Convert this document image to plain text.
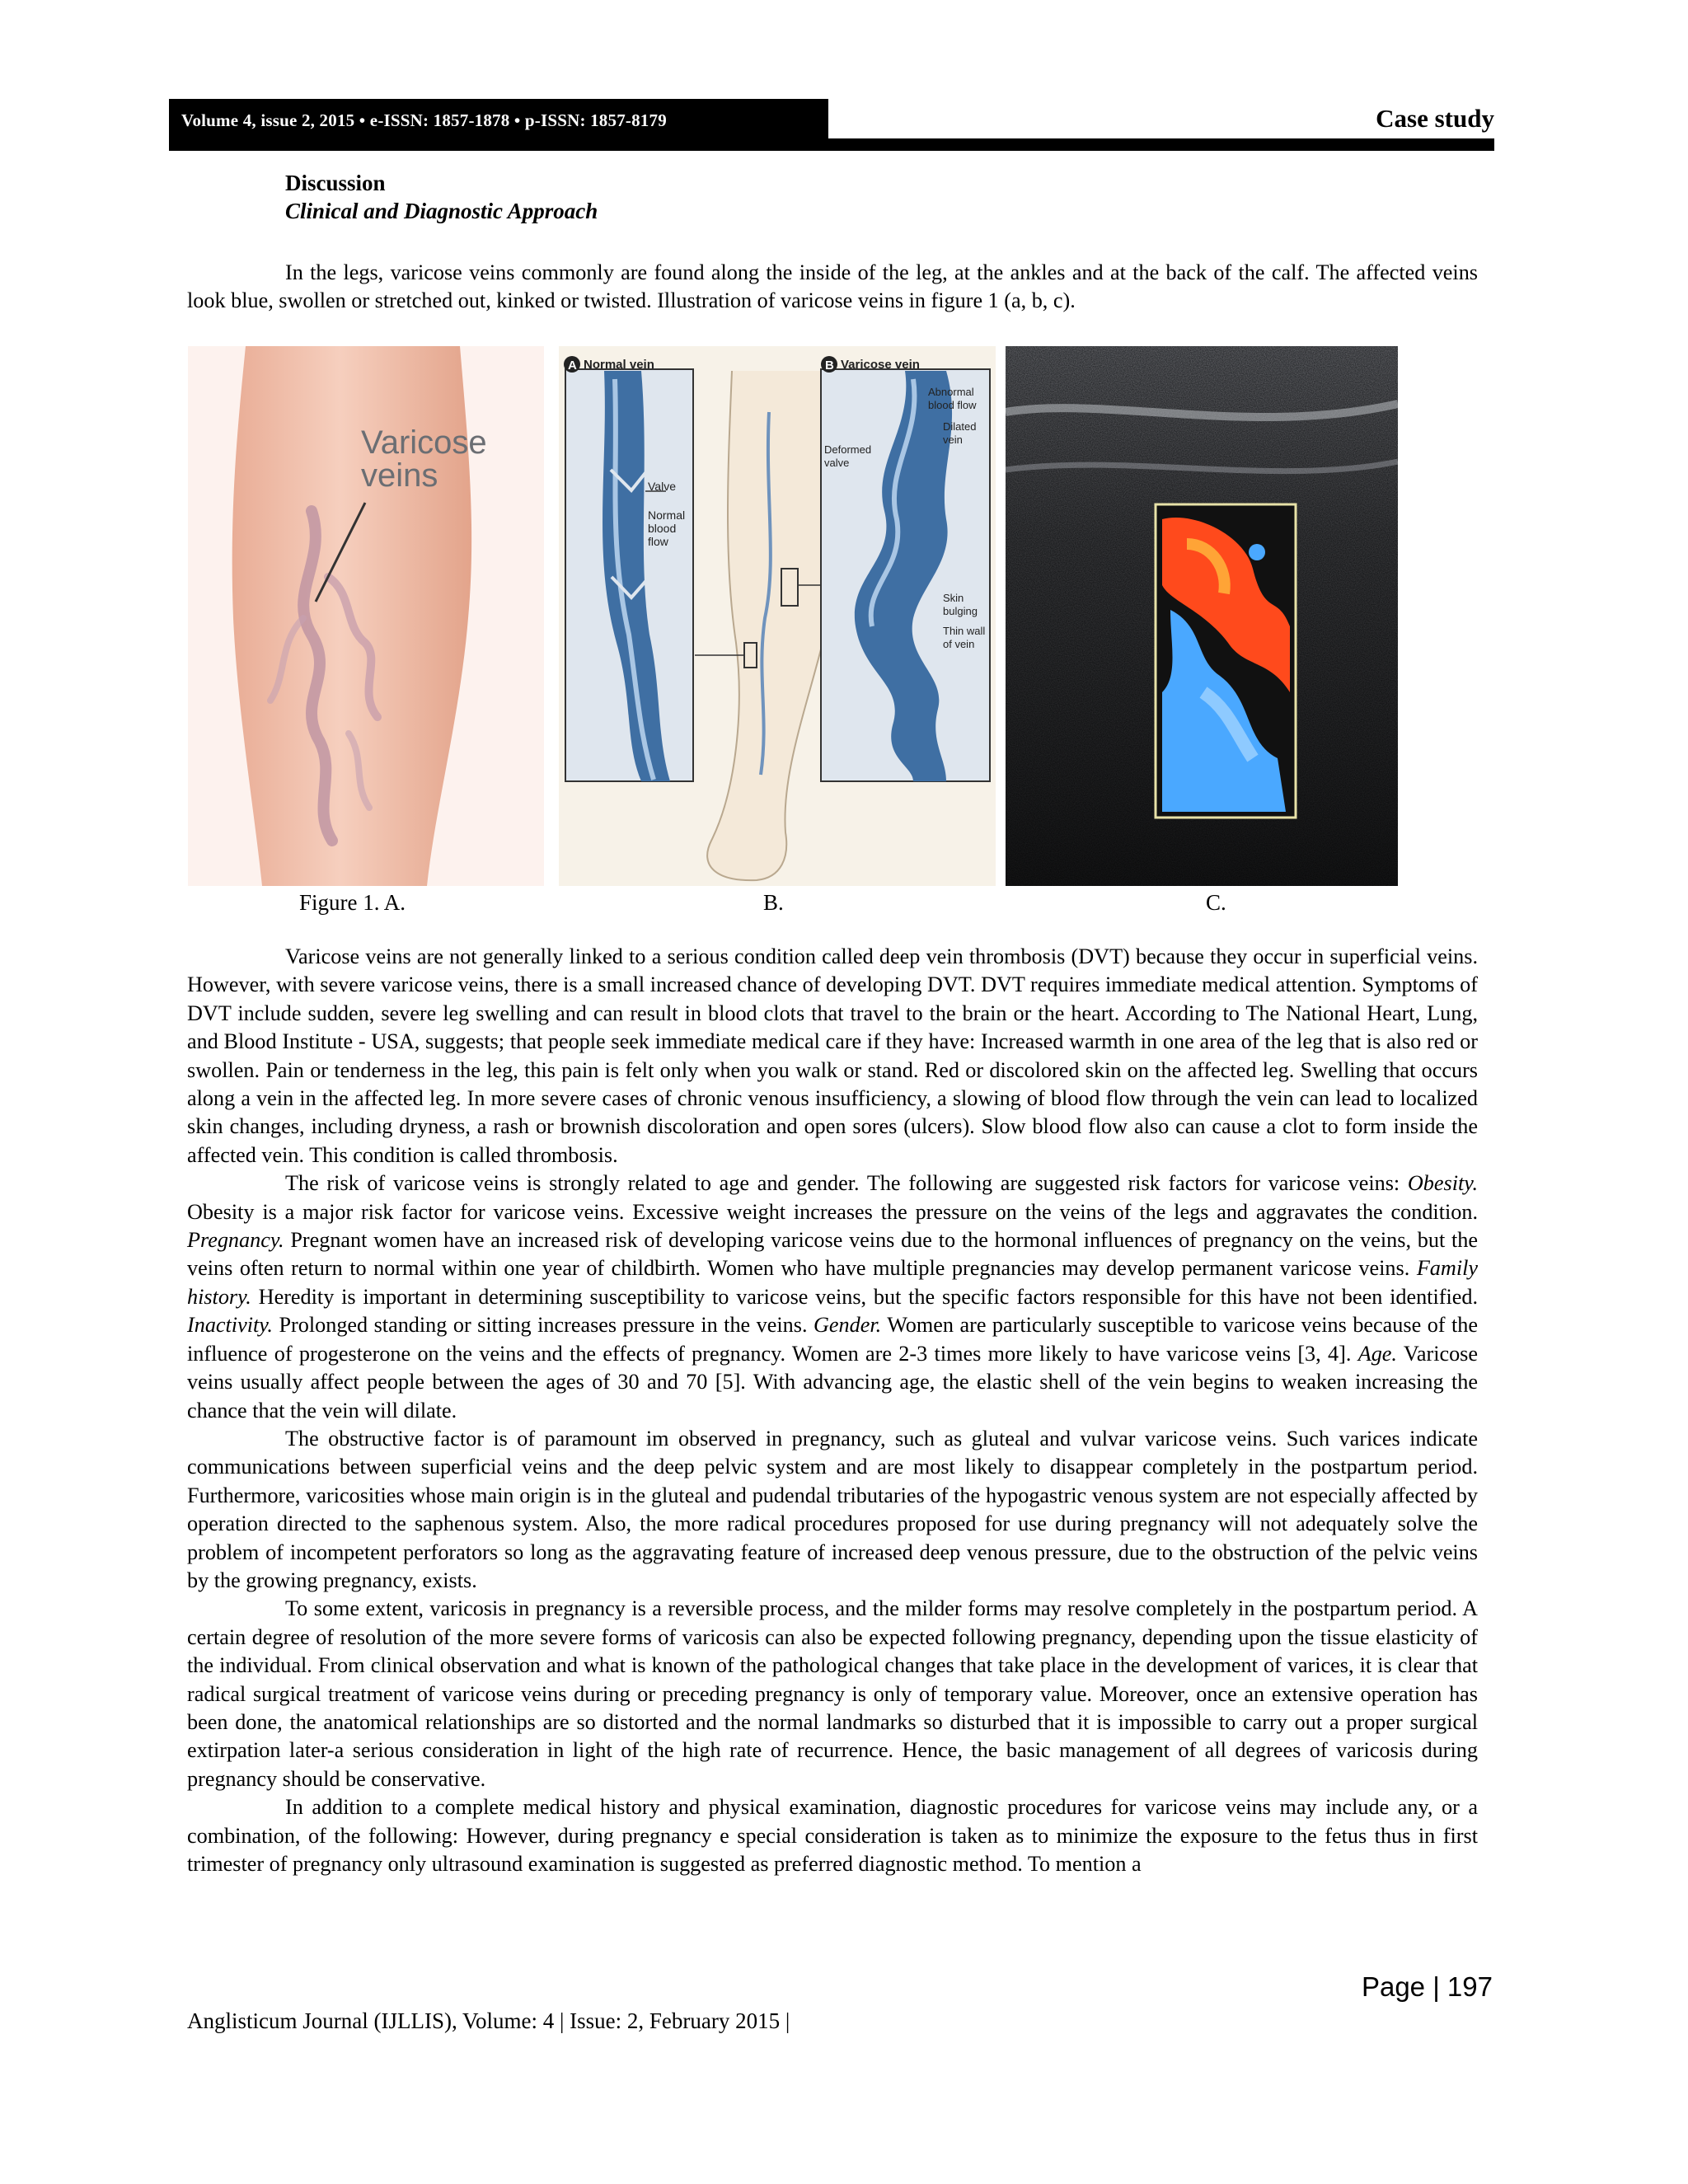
Volume 4, issue 2, 2015 • e-ISSN: 1857-1878 • p-ISSN: 1857-8179	Case study
Discussion
Clinical and Diagnostic Approach

In the legs, varicose veins commonly are found along the inside of the leg, at the ankles and at the back of the calf. The affected veins look blue, swollen or stretched out, kinked or twisted. Illustration of varicose veins in figure 1 (a, b, c).

Varicose
veins
A Normal vein
Valve
Normal
blood
flow
B Varicose vein
Abnormal
blood flow
Dilated
vein
Deformed
valve
Skin
bulging
Thin wall
of vein
Figure 1. A.	B.	C.

Varicose veins are not generally linked to a serious condition called deep vein thrombosis (DVT) because they occur in superficial veins. However, with severe varicose veins, there is a small increased chance of developing DVT. DVT requires immediate medical attention. Symptoms of DVT include sudden, severe leg swelling and can result in blood clots that travel to the brain or the heart. According to The National Heart, Lung, and Blood Institute - USA, suggests; that people seek immediate medical care if they have: Increased warmth in one area of the leg that is also red or swollen. Pain or tenderness in the leg, this pain is felt only when you walk or stand. Red or discolored skin on the affected leg. Swelling that occurs along a vein in the affected leg. In more severe cases of chronic venous insufficiency, a slowing of blood flow through the vein can lead to localized skin changes, including dryness, a rash or brownish discoloration and open sores (ulcers). Slow blood flow also can cause a clot to form inside the affected vein. This condition is called thrombosis.

The risk of varicose veins is strongly related to age and gender. The following are suggested risk factors for varicose veins: Obesity. Obesity is a major risk factor for varicose veins. Excessive weight increases the pressure on the veins of the legs and aggravates the condition. Pregnancy. Pregnant women have an increased risk of developing varicose veins due to the hormonal influences of pregnancy on the veins, but the veins often return to normal within one year of childbirth. Women who have multiple pregnancies may develop permanent varicose veins. Family history. Heredity is important in determining susceptibility to varicose veins, but the specific factors responsible for this have not been identified. Inactivity. Prolonged standing or sitting increases pressure in the veins. Gender. Women are particularly susceptible to varicose veins because of the influence of progesterone on the veins and the effects of pregnancy. Women are 2-3 times more likely to have varicose veins [3, 4]. Age. Varicose veins usually affect people between the ages of 30 and 70 [5]. With advancing age, the elastic shell of the vein begins to weaken increasing the chance that the vein will dilate.

The obstructive factor is of paramount im observed in pregnancy, such as gluteal and vulvar varicose veins. Such varices indicate communications between superficial veins and the deep pelvic system and are most likely to disappear completely in the postpartum period. Furthermore, varicosities whose main origin is in the gluteal and pudendal tributaries of the hypogastric venous system are not especially affected by operation directed to the saphenous system. Also, the more radical procedures proposed for use during pregnancy will not adequately solve the problem of incompetent perforators so long as the aggravating feature of increased deep venous pressure, due to the obstruction of the pelvic veins by the growing pregnancy, exists.

To some extent, varicosis in pregnancy is a reversible process, and the milder forms may resolve completely in the postpartum period. A certain degree of resolution of the more severe forms of varicosis can also be expected following pregnancy, depending upon the tissue elasticity of the individual. From clinical observation and what is known of the pathological changes that take place in the development of varices, it is clear that radical surgical treatment of varicose veins during or preceding pregnancy is only of temporary value. Moreover, once an extensive operation has been done, the anatomical relationships are so distorted and the normal landmarks so disturbed that it is impossible to carry out a proper surgical extirpation later-a serious consideration in light of the high rate of recurrence. Hence, the basic management of all degrees of varicosis during pregnancy should be conservative.

In addition to a complete medical history and physical examination, diagnostic procedures for varicose veins may include any, or a combination, of the following: However, during pregnancy e special consideration is taken as to minimize the exposure to the fetus thus in first trimester of pregnancy only ultrasound examination is suggested as preferred diagnostic method. To mention a

Page | 197
Anglisticum Journal (IJLLIS), Volume: 4 | Issue: 2, February 2015 |
